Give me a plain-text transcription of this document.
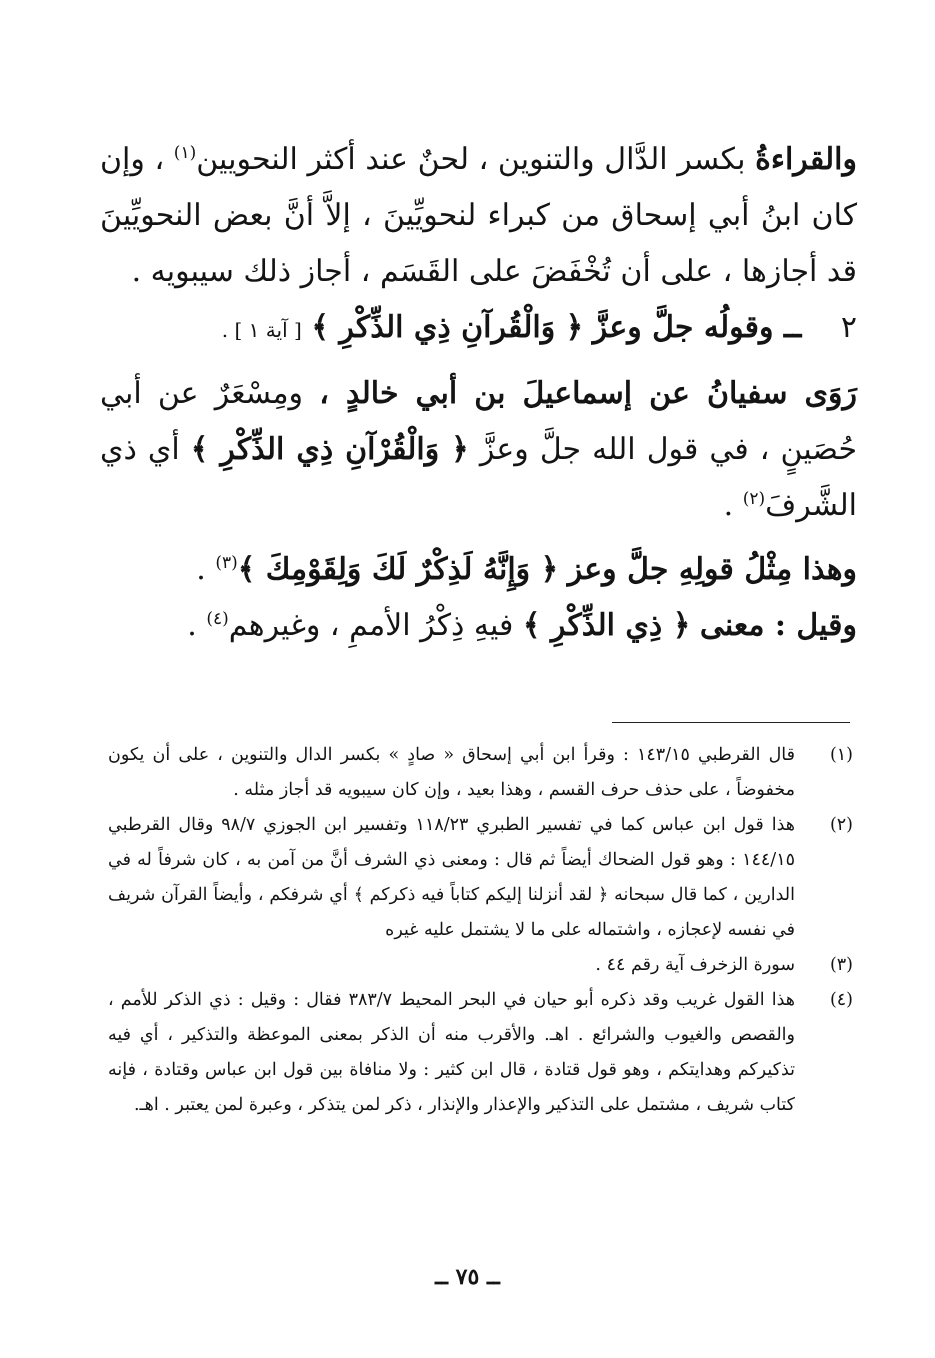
والقراءةُ بكسر الدَّال والتنوين ، لحنٌ عند أكثر النحويين$^{(١)}$ ، وإن كان ابنُ أبي إسحاق من كبراء لنحويِّينَ ، إلاَّ أنَّ بعض النحويِّينَ قد أجازها ، على أن تُخْفَضَ على القَسَم ، أجاز ذلك سيبويه .

٢ ــ وقولُه جلَّ وعزَّ ﴿ وَالْقُرآنِ ذِي الذِّكْرِ ﴾ [ آية ١ ] .

رَوَى سفيانُ عن إسماعيلَ بن أبي خالدٍ ، ومِسْعَرٌ عن أبي حُصَينٍ ، في قول الله جلَّ وعزَّ ﴿ وَالْقُرْآنِ ذِي الذِّكْرِ ﴾ أي ذي الشَّرفَ$^{(٢)}$ .

وهذا مِثْلُ قولِهِ جلَّ وعز ﴿ وَإِنَّهُ لَذِكْرٌ لَكَ وَلِقَوْمِكَ ﴾$^{(٣)}$ .

وقيل : معنى ﴿ ذِي الذِّكْرِ ﴾ فيهِ ذِكْرُ الأممِ ، وغيرهم$^{(٤)}$ .

(١)
قال القرطبي ١٤٣/١٥ : وقرأ ابن أبي إسحاق « صادٍ » بكسر الدال والتنوين ، على أن يكون مخفوضاً ، على حذف حرف القسم ، وهذا بعيد ، وإن كان سيبويه قد أجاز مثله .
(٢)
هذا قول ابن عباس كما في تفسير الطبري ١١٨/٢٣ وتفسير ابن الجوزي ٩٨/٧ وقال القرطبي ١٤٤/١٥ : وهو قول الضحاك أيضاً ثم قال : ومعنى ذي الشرف أنَّ من آمن به ، كان شرفاً له في الدارين ، كما قال سبحانه ﴿ لقد أنزلنا إليكم كتاباً فيه ذكركم ﴾ أي شرفكم ، وأيضاً القرآن شريف في نفسه لإعجازه ، واشتماله على ما لا يشتمل عليه غيره
(٣)
سورة الزخرف آية رقم ٤٤ .
(٤)
هذا القول غريب وقد ذكره أبو حيان في البحر المحيط ٣٨٣/٧ فقال : وقيل : ذي الذكر للأمم ، والقصص والغيوب والشرائع . اهـ. والأقرب منه أن الذكر بمعنى الموعظة والتذكير ، أي فيه تذكيركم وهدايتكم ، وهو قول قتادة ، قال ابن كثير : ولا منافاة بين قول ابن عباس وقتادة ، فإنه كتاب شريف ، مشتمل على التذكير والإعذار والإنذار ، ذكر لمن يتذكر ، وعبرة لمن يعتبر . اهـ.
ــ ٧٥ ــ
